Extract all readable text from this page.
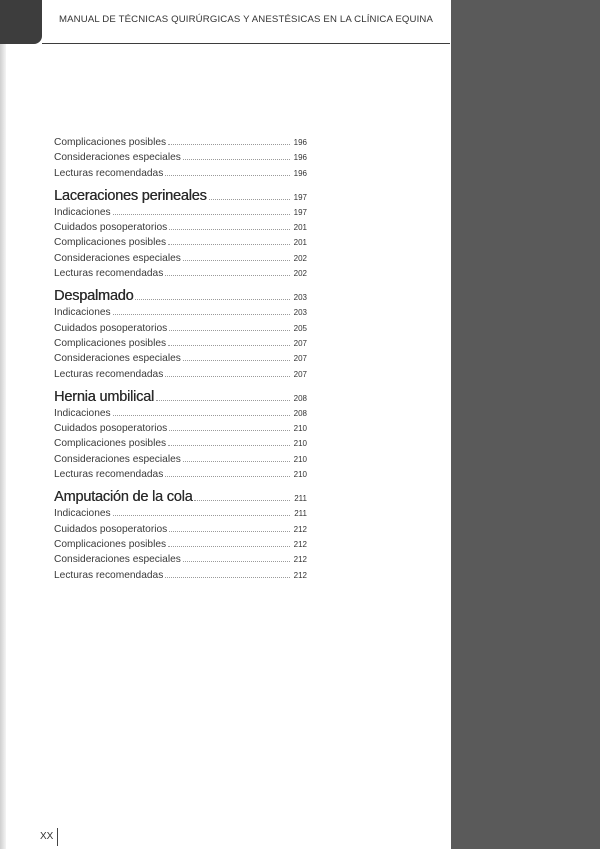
MANUAL DE TÉCNICAS QUIRÚRGICAS Y ANESTÉSICAS EN LA CLÍNICA EQUINA
Complicaciones posibles	196
Consideraciones especiales	196
Lecturas recomendadas	196
Laceraciones perineales	197
Indicaciones	197
Cuidados posoperatorios	201
Complicaciones posibles	201
Consideraciones especiales	202
Lecturas recomendadas	202
Despalmado	203
Indicaciones	203
Cuidados posoperatorios	205
Complicaciones posibles	207
Consideraciones especiales	207
Lecturas recomendadas	207
Hernia umbilical	208
Indicaciones	208
Cuidados posoperatorios	210
Complicaciones posibles	210
Consideraciones especiales	210
Lecturas recomendadas	210
Amputación de la cola	211
Indicaciones	211
Cuidados posoperatorios	212
Complicaciones posibles	212
Consideraciones especiales	212
Lecturas recomendadas	212
XX
